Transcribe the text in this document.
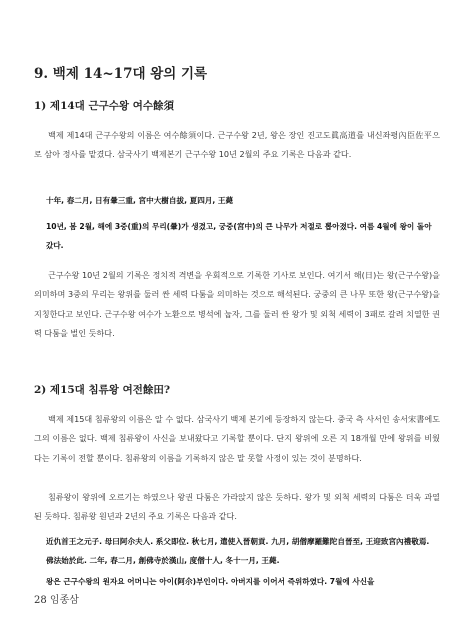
9. 백제 14~17대 왕의 기록
1) 제14대 근구수왕 여수餘須

백제 제14대 근구수왕의 이름은 여수餘須이다. 근구수왕 2년, 왕은 장인 진고도眞高道를 내신좌평內臣佐平으로 삼아 정사를 맡겼다. 삼국사기 백제본기 근구수왕 10년 2월의 주요 기록은 다음과 같다.

十年, 春二月, 日有暈三重, 宮中大樹自拔, 夏四月, 王薨

10년, 봄 2월, 해에 3중(重)의 무리(暈)가 생겼고, 궁중(宮中)의 큰 나무가 저절로 뽑아졌다. 여름 4월에 왕이 돌아갔다.

근구수왕 10년 2월의 기록은 정치적 격변을 우회적으로 기록한 기사로 보인다. 여기서 해(日)는 왕(근구수왕)을 의미하며 3중의 무리는 왕위를 둘러 싼 세력 다툼을 의미하는 것으로 해석된다. 궁중의 큰 나무 또한 왕(근구수왕)을 지칭한다고 보인다. 근구수왕 여수가 노환으로 병석에 눕자, 그를 둘러 싼 왕가 및 외척 세력이 3패로 갈려 치열한 권력 다툼을 벌인 듯하다.

2) 제15대 침류왕 여전餘田?

백제 제15대 침류왕의 이름은 알 수 없다. 삼국사기 백제 본기에 등장하지 않는다. 중국 측 사서인 송서宋書에도 그의 이름은 없다. 백제 침류왕이 사신을 보내왔다고 기록할 뿐이다. 단지 왕위에 오른 지 18개월 만에 왕위를 비웠다는 기록이 전할 뿐이다. 침류왕의 이름을 기록하지 않은 말 못할 사정이 있는 것이 분명하다.

침류왕이 왕위에 오르기는 하였으나 왕권 다툼은 가라앉지 않은 듯하다. 왕가 및 외척 세력의 다툼은 더욱 과열된 듯하다. 침류왕 원년과 2년의 주요 기록은 다음과 같다.

近仇首王之元子. 母曰阿尒夫人. 系父即位. 秋七月, 遣使入晉朝貢. 九月, 胡僧摩羅難陀自晉至, 王迎致宮內禮敬焉. 佛法始於此. 二年, 春二月, 創佛寺於漢山, 度僧十人, 冬十一月, 王薨.

왕은 근구수왕의 원자요 어머니는 아이(阿尒)부인이다. 아버지를 이어서 즉위하였다. 7월에 사신을

28 임종삼
